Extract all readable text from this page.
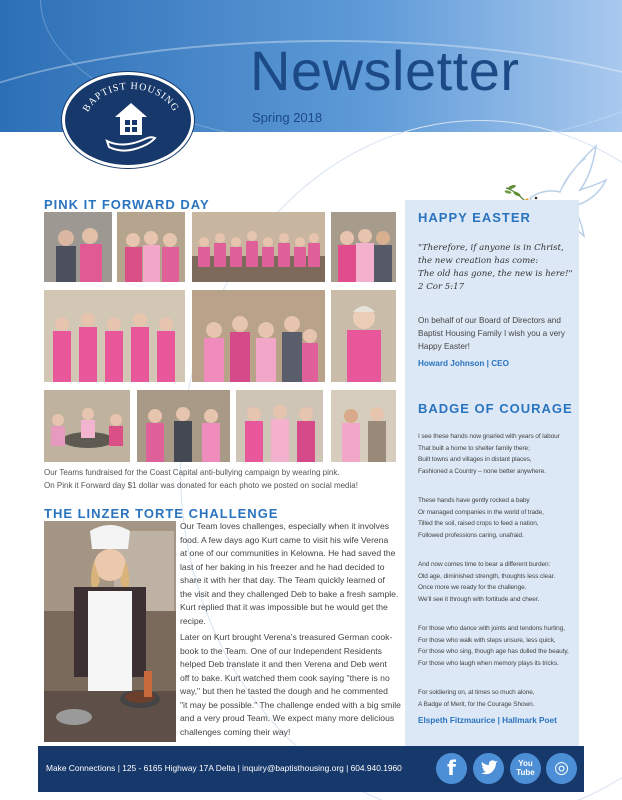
Newsletter
Spring 2018
BAPTIST HOUSING
PINK IT FORWARD DAY
Our Teams fundraised for the Coast Capital anti-bullying campaign by wearing pink.
On Pink it Forward day $1 dollar was donated for each photo we posted on social media!
THE LINZER TORTE CHALLENGE
Our Team loves challenges, especially when it involves
food. A few days ago Kurt came to visit his wife Verena
at one of our communities in Kelowna. He had saved the
last of her baking in his freezer and he had decided to
share it with her that day. The Team quickly learned of
the visit and they challenged Deb to bake a fresh sample.
Kurt replied that it was impossible but he would get the
recipe.
Later on Kurt brought Verena's treasured German cook-
book to the Team. One of our Independent Residents
helped Deb translate it and then Verena and Deb went
off to bake. Kurt watched them cook saying "there is no
way," but then he tasted the dough and he commented
"it may be possible." The challenge ended with a big smile
and a very proud Team. We expect many more delicious
challenges coming their way!
HAPPY EASTER
"Therefore, if anyone is in Christ,
the new creation has come:
The old has gone, the new is here!"
2 Cor 5:17
On behalf of our Board of Directors and
Baptist Housing Family I wish you a very
Happy Easter!
Howard Johnson | CEO
BADGE OF COURAGE
I see these hands now gnarled with years of labour
That built a home to shelter family there;
Built towns and villages in distant places,
Fashioned a Country – none better anywhere.
These hands have gently rocked a baby
Or managed companies in the world of trade,
Tilled the soil, raised crops to feed a nation,
Followed professions caring, unafraid.
And now comes time to bear a different burden:
Old age, diminished strength, thoughts less clear.
Once more we ready for the challenge.
We'll see it through with fortitude and cheer.
For those who dance with joints and tendons hurting,
For those who walk with steps unsure, less quick,
For those who sing, though age has dulled the beauty,
For those who laugh when memory plays its tricks.
For soldiering on, at times so much alone,
A Badge of Merit, for the Courage Shown.
Elspeth Fitzmaurice | Hallmark Poet
Make Connections | 125 - 6165 Highway 17A Delta | inquiry@baptisthousing.org | 604.940.1960	f	You
Tube	◎
